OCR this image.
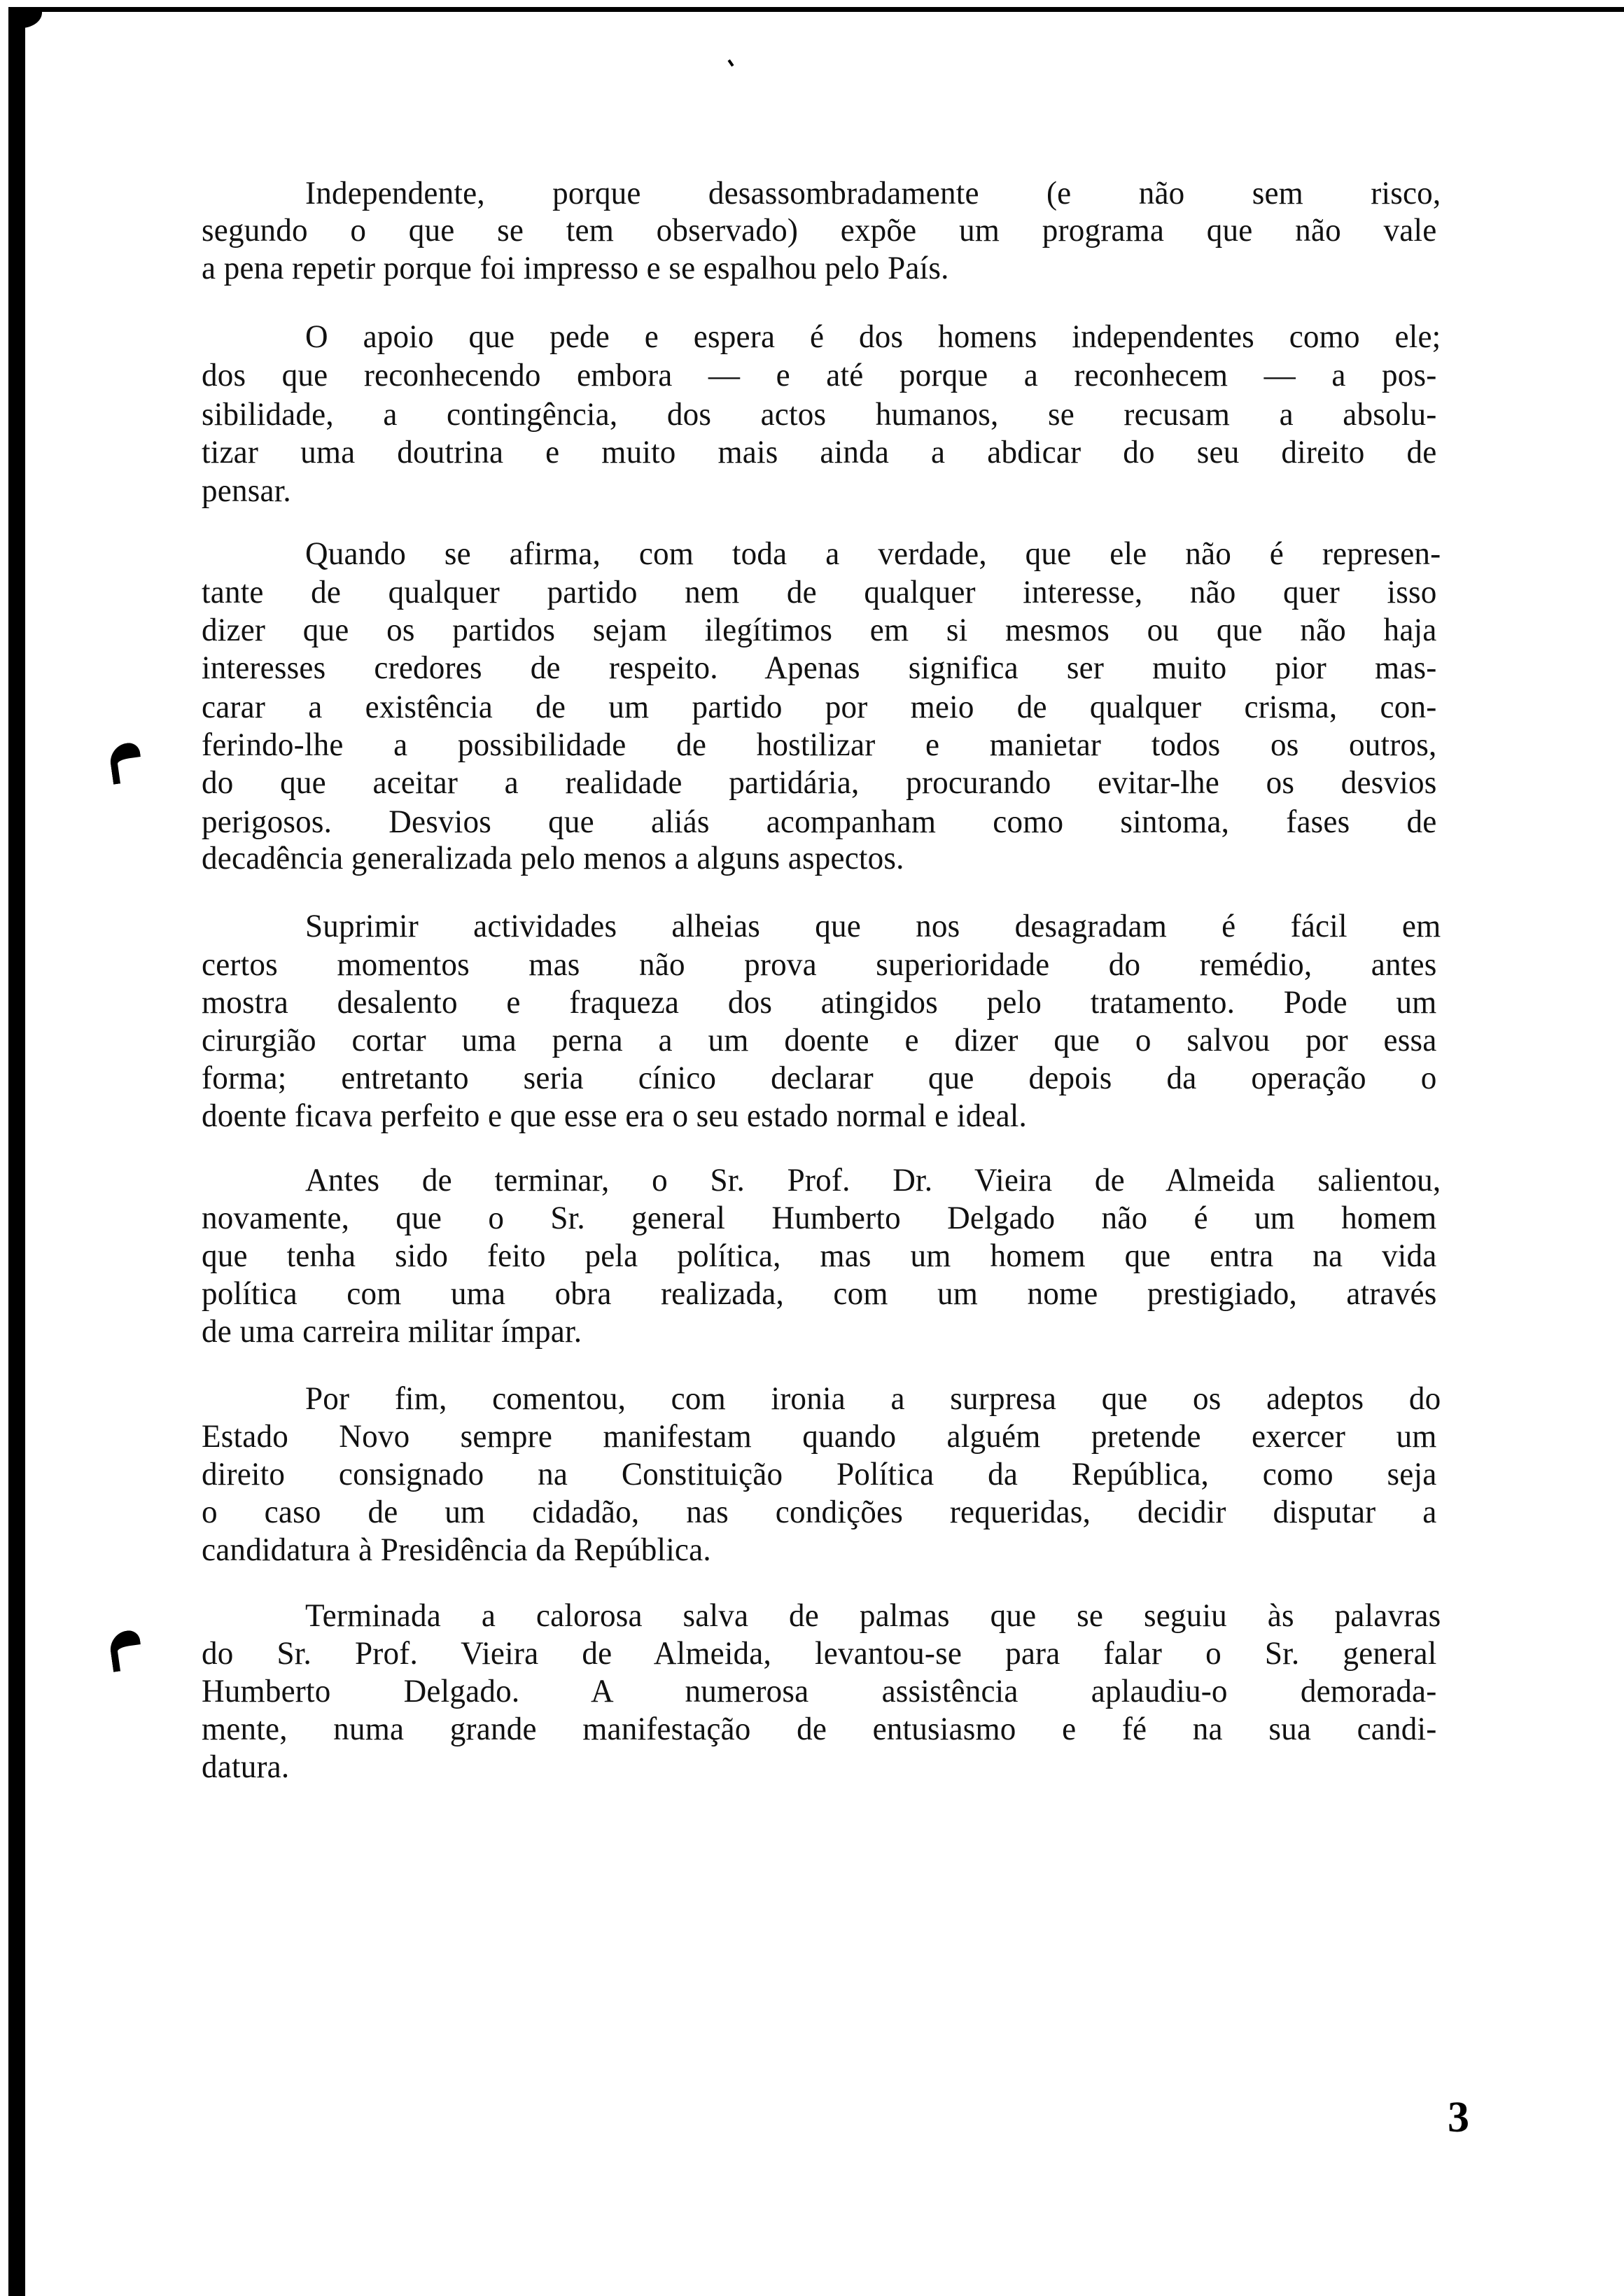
Independente, porque desassombradamente (e não sem risco,
segundo o que se tem observado) expõe um programa que não vale
a pena repetir porque foi impresso e se espalhou pelo País.
O apoio que pede e espera é dos homens independentes como ele;
dos que reconhecendo embora — e até porque a reconhecem — a pos-
sibilidade, a contingência, dos actos humanos, se recusam a absolu-
tizar uma doutrina e muito mais ainda a abdicar do seu direito de
pensar.
Quando se afirma, com toda a verdade, que ele não é represen-
tante de qualquer partido nem de qualquer interesse, não quer isso
dizer que os partidos sejam ilegítimos em si mesmos ou que não haja
interesses credores de respeito. Apenas significa ser muito pior mas-
carar a existência de um partido por meio de qualquer crisma, con-
ferindo-lhe a possibilidade de hostilizar e manietar todos os outros,
do que aceitar a realidade partidária, procurando evitar-lhe os desvios
perigosos. Desvios que aliás acompanham como sintoma, fases de
decadência generalizada pelo menos a alguns aspectos.
Suprimir actividades alheias que nos desagradam é fácil em
certos momentos mas não prova superioridade do remédio, antes
mostra desalento e fraqueza dos atingidos pelo tratamento. Pode um
cirurgião cortar uma perna a um doente e dizer que o salvou por essa
forma; entretanto seria cínico declarar que depois da operação o
doente ficava perfeito e que esse era o seu estado normal e ideal.
Antes de terminar, o Sr. Prof. Dr. Vieira de Almeida salientou,
novamente, que o Sr. general Humberto Delgado não é um homem
que tenha sido feito pela política, mas um homem que entra na vida
política com uma obra realizada, com um nome prestigiado, através
de uma carreira militar ímpar.
Por fim, comentou, com ironia a surpresa que os adeptos do
Estado Novo sempre manifestam quando alguém pretende exercer um
direito consignado na Constituição Política da República, como seja
o caso de um cidadão, nas condições requeridas, decidir disputar a
candidatura à Presidência da República.
Terminada a calorosa salva de palmas que se seguiu às palavras
do Sr. Prof. Vieira de Almeida, levantou-se para falar o Sr. general
Humberto Delgado. A numerosa assistência aplaudiu-o demorada-
mente, numa grande manifestação de entusiasmo e fé na sua candi-
datura.
3
